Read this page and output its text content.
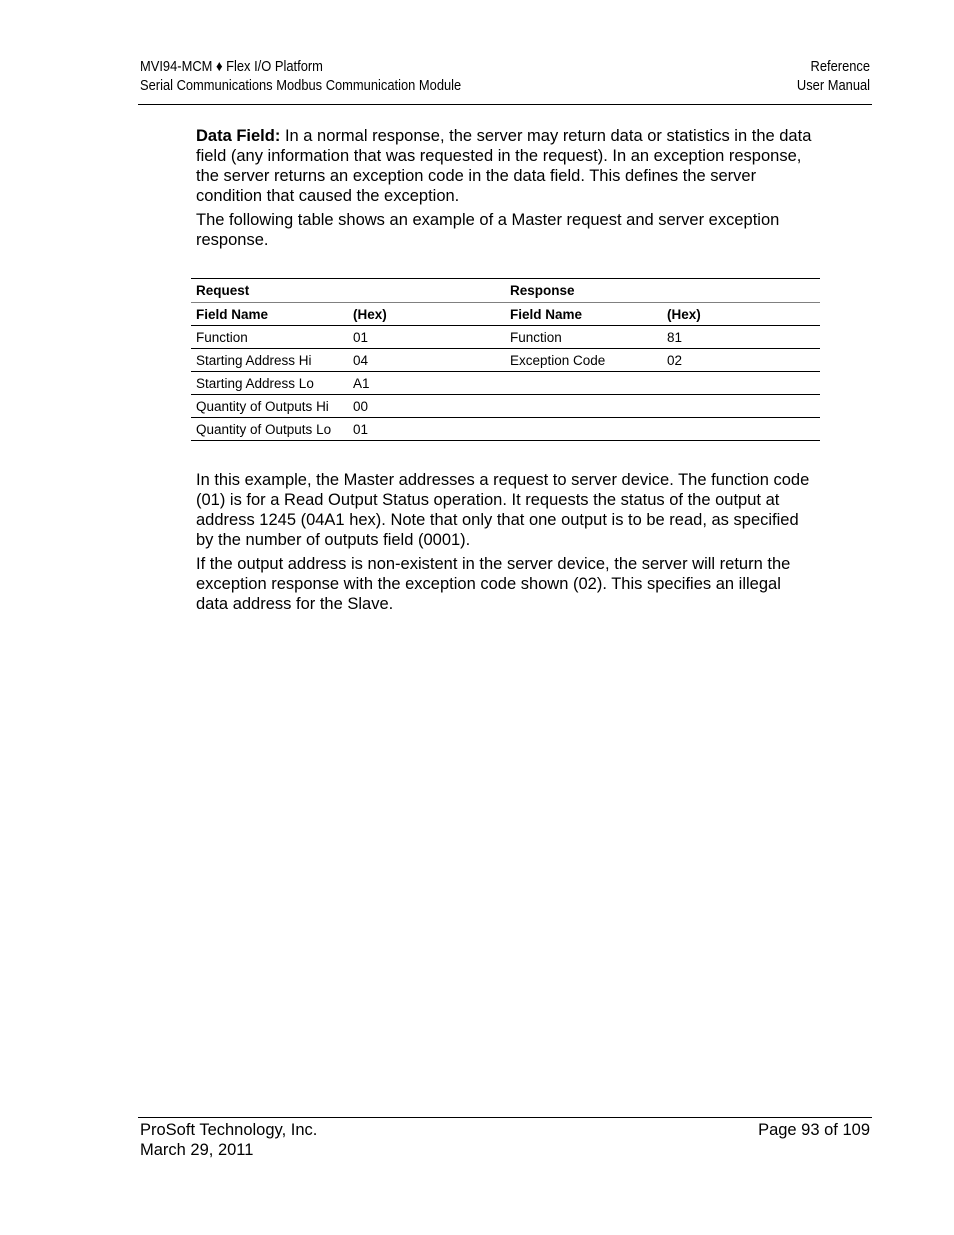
MVI94-MCM ♦ Flex I/O Platform
Serial Communications Modbus Communication Module
Reference
User Manual

Data Field: In a normal response, the server may return data or statistics in the data field (any information that was requested in the request). In an exception response, the server returns an exception code in the data field. This defines the server condition that caused the exception.

The following table shows an example of a Master request and server exception response.

Request		Response	
Field Name	(Hex)	Field Name	(Hex)
Function	01	Function	81
Starting Address Hi	04	Exception Code	02
Starting Address Lo	A1		
Quantity of Outputs Hi	00		
Quantity of Outputs Lo	01		

In this example, the Master addresses a request to server device. The function code (01) is for a Read Output Status operation. It requests the status of the output at address 1245 (04A1 hex). Note that only that one output is to be read, as specified by the number of outputs field (0001).

If the output address is non-existent in the server device, the server will return the exception response with the exception code shown (02). This specifies an illegal data address for the Slave.

ProSoft Technology, Inc.
March 29, 2011
Page 93 of 109
